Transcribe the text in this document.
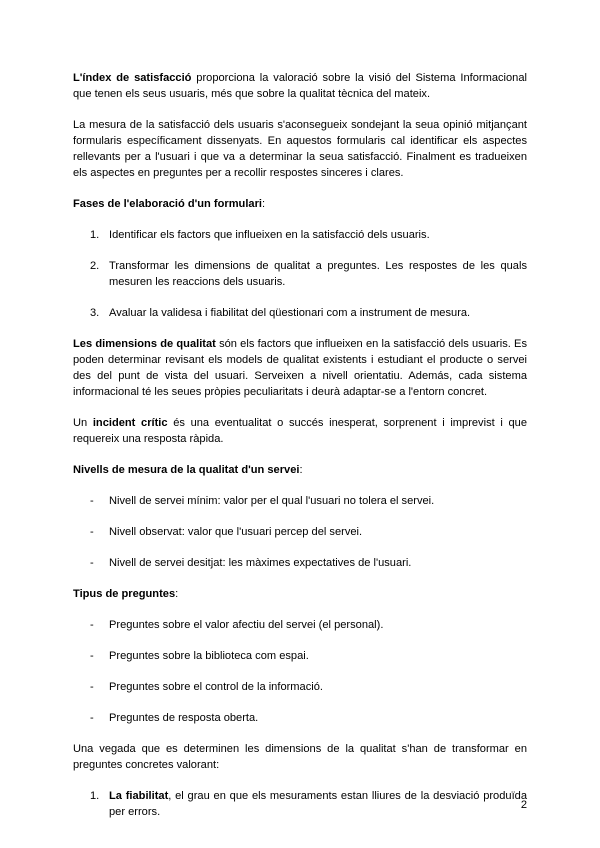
L'índex de satisfacció proporciona la valoració sobre la visió del Sistema Informacional que tenen els seus usuaris, més que sobre la qualitat tècnica del mateix.

La mesura de la satisfacció dels usuaris s'aconsegueix sondejant la seua opinió mitjançant formularis específicament dissenyats. En aquestos formularis cal identificar els aspectes rellevants per a l'usuari i que va a determinar la seua satisfacció. Finalment es tradueixen els aspectes en preguntes per a recollir respostes sinceres i clares.

Fases de l'elaboració d'un formulari:

1. Identificar els factors que influeixen en la satisfacció dels usuaris.
2. Transformar les dimensions de qualitat a preguntes. Les respostes de les quals mesuren les reaccions dels usuaris.
3. Avaluar la validesa i fiabilitat del qüestionari com a instrument de mesura.

Les dimensions de qualitat són els factors que influeixen en la satisfacció dels usuaris. Es poden determinar revisant els models de qualitat existents i estudiant el producte o servei des del punt de vista del usuari. Serveixen a nivell orientatiu. Además, cada sistema informacional té les seues pròpies peculiaritats i deurà adaptar-se a l'entorn concret.

Un incident crític és una eventualitat o succés inesperat, sorprenent i imprevist i que requereix una resposta ràpida.

Nivells de mesura de la qualitat d'un servei:

- Nivell de servei mínim: valor per el qual l'usuari no tolera el servei.
- Nivell observat: valor que l'usuari percep del servei.
- Nivell de servei desitjat: les màximes expectatives de l'usuari.

Tipus de preguntes:

- Preguntes sobre el valor afectiu del servei (el personal).
- Preguntes sobre la biblioteca com espai.
- Preguntes sobre el control de la informació.
- Preguntes de resposta oberta.

Una vegada que es determinen les dimensions de la qualitat s'han de transformar en preguntes concretes valorant:

1. La fiabilitat, el grau en que els mesuraments estan lliures de la desviació produïda per errors.
2
